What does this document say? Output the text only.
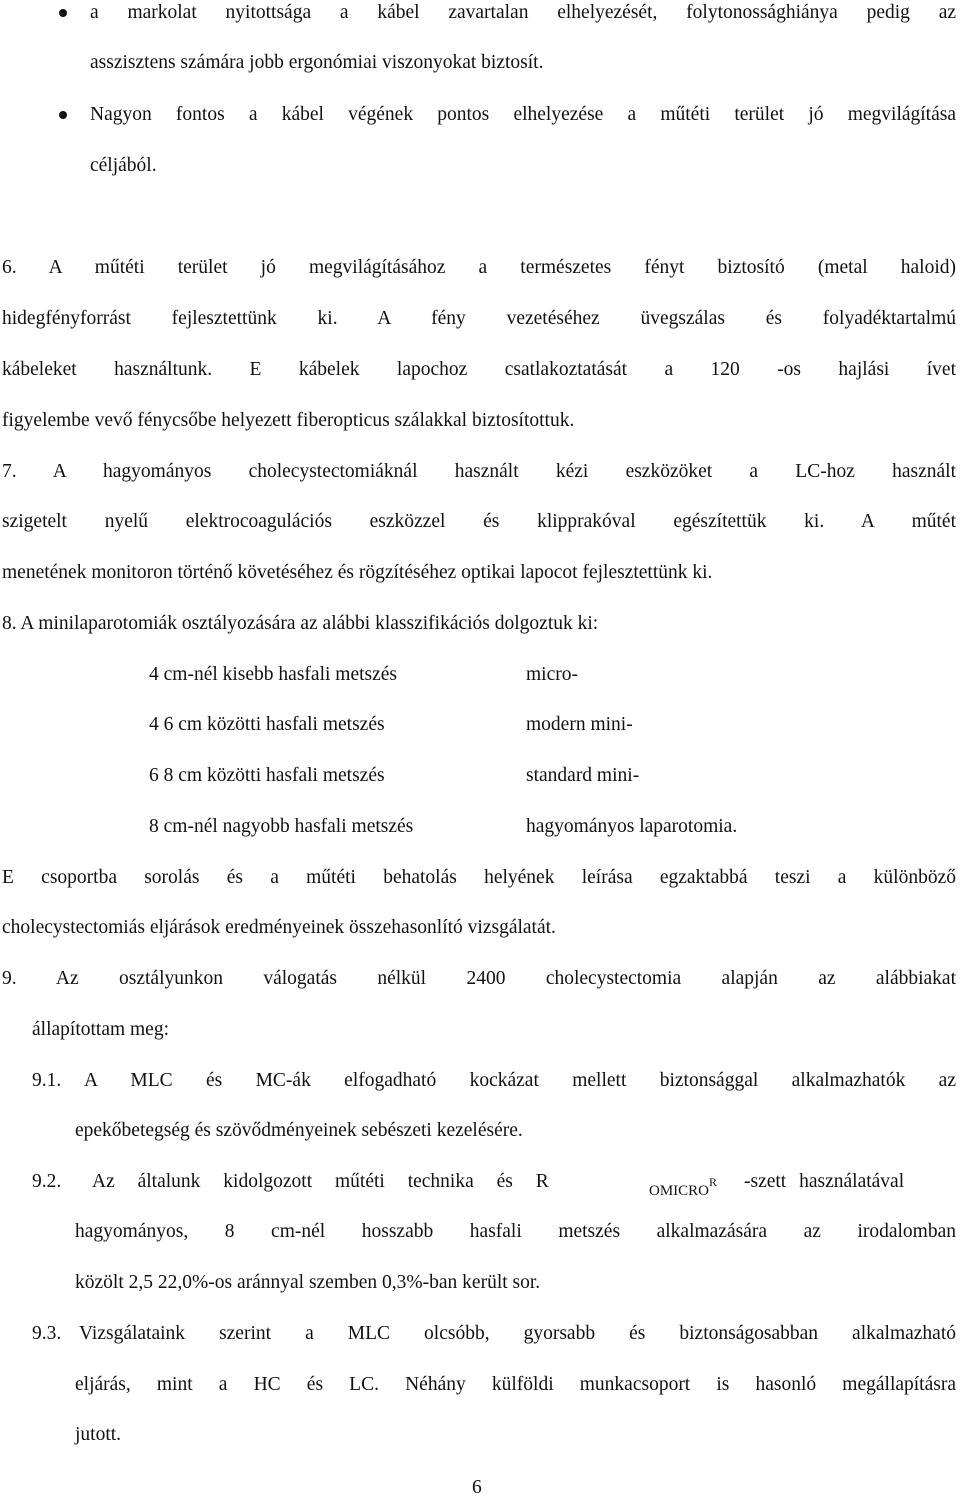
a markolat nyitottsága a kábel zavartalan elhelyezését, folytonossághiánya pedig az
asszisztens számára jobb ergonómiai viszonyokat biztosít.
Nagyon fontos a kábel végének pontos elhelyezése a műtéti terület jó megvilágítása
céljából.
6. A műtéti terület jó megvilágításához a természetes fényt biztosító (metal haloid)
hidegfényforrást fejlesztettünk ki. A fény vezetéséhez üvegszálas és folyadéktartalmú
kábeleket használtunk. E kábelek lapochoz csatlakoztatását a 120 -os hajlási ívet
figyelembe vevő fénycsőbe helyezett fiberopticus szálakkal biztosítottuk.
7. A hagyományos cholecystectomiáknál használt kézi eszközöket a LC-hoz használt
szigetelt nyelű elektrocoagulációs eszközzel és klipprakóval egészítettük ki. A műtét
menetének monitoron történő követéséhez és rögzítéséhez optikai lapocot fejlesztettünk ki.
8. A minilaparotomiák osztályozására az alábbi klasszifikációs dolgoztuk ki:
4 cm-nél kisebb hasfali metszés	micro-
4 6 cm közötti hasfali metszés	modern mini-
6 8 cm közötti hasfali metszés	standard mini-
8 cm-nél nagyobb hasfali metszés	hagyományos laparotomia.
E csoportba sorolás és a műtéti behatolás helyének leírása egzaktabbá teszi a különböző
cholecystectomiás eljárások eredményeinek összehasonlító vizsgálatát.
9. Az osztályunkon válogatás nélkül 2400 cholecystectomia alapján az alábbiakat
állapítottam meg:
9.1. A MLC és MC-ák elfogadható kockázat mellett biztonsággal alkalmazhatók az
epekőbetegség és szövődményeinek sebészeti kezelésére.
9.2. Az általunk kidolgozott műtéti technika és R	$OMICRO^R$ -szett használatával
hagyományos, 8 cm-nél hosszabb hasfali metszés alkalmazására az irodalomban
közölt 2,5 22,0%-os aránnyal szemben 0,3%-ban került sor.
9.3. Vizsgálataink szerint a MLC olcsóbb, gyorsabb és biztonságosabban alkalmazható
eljárás, mint a HC és LC. Néhány külföldi munkacsoport is hasonló megállapításra
jutott.
6
